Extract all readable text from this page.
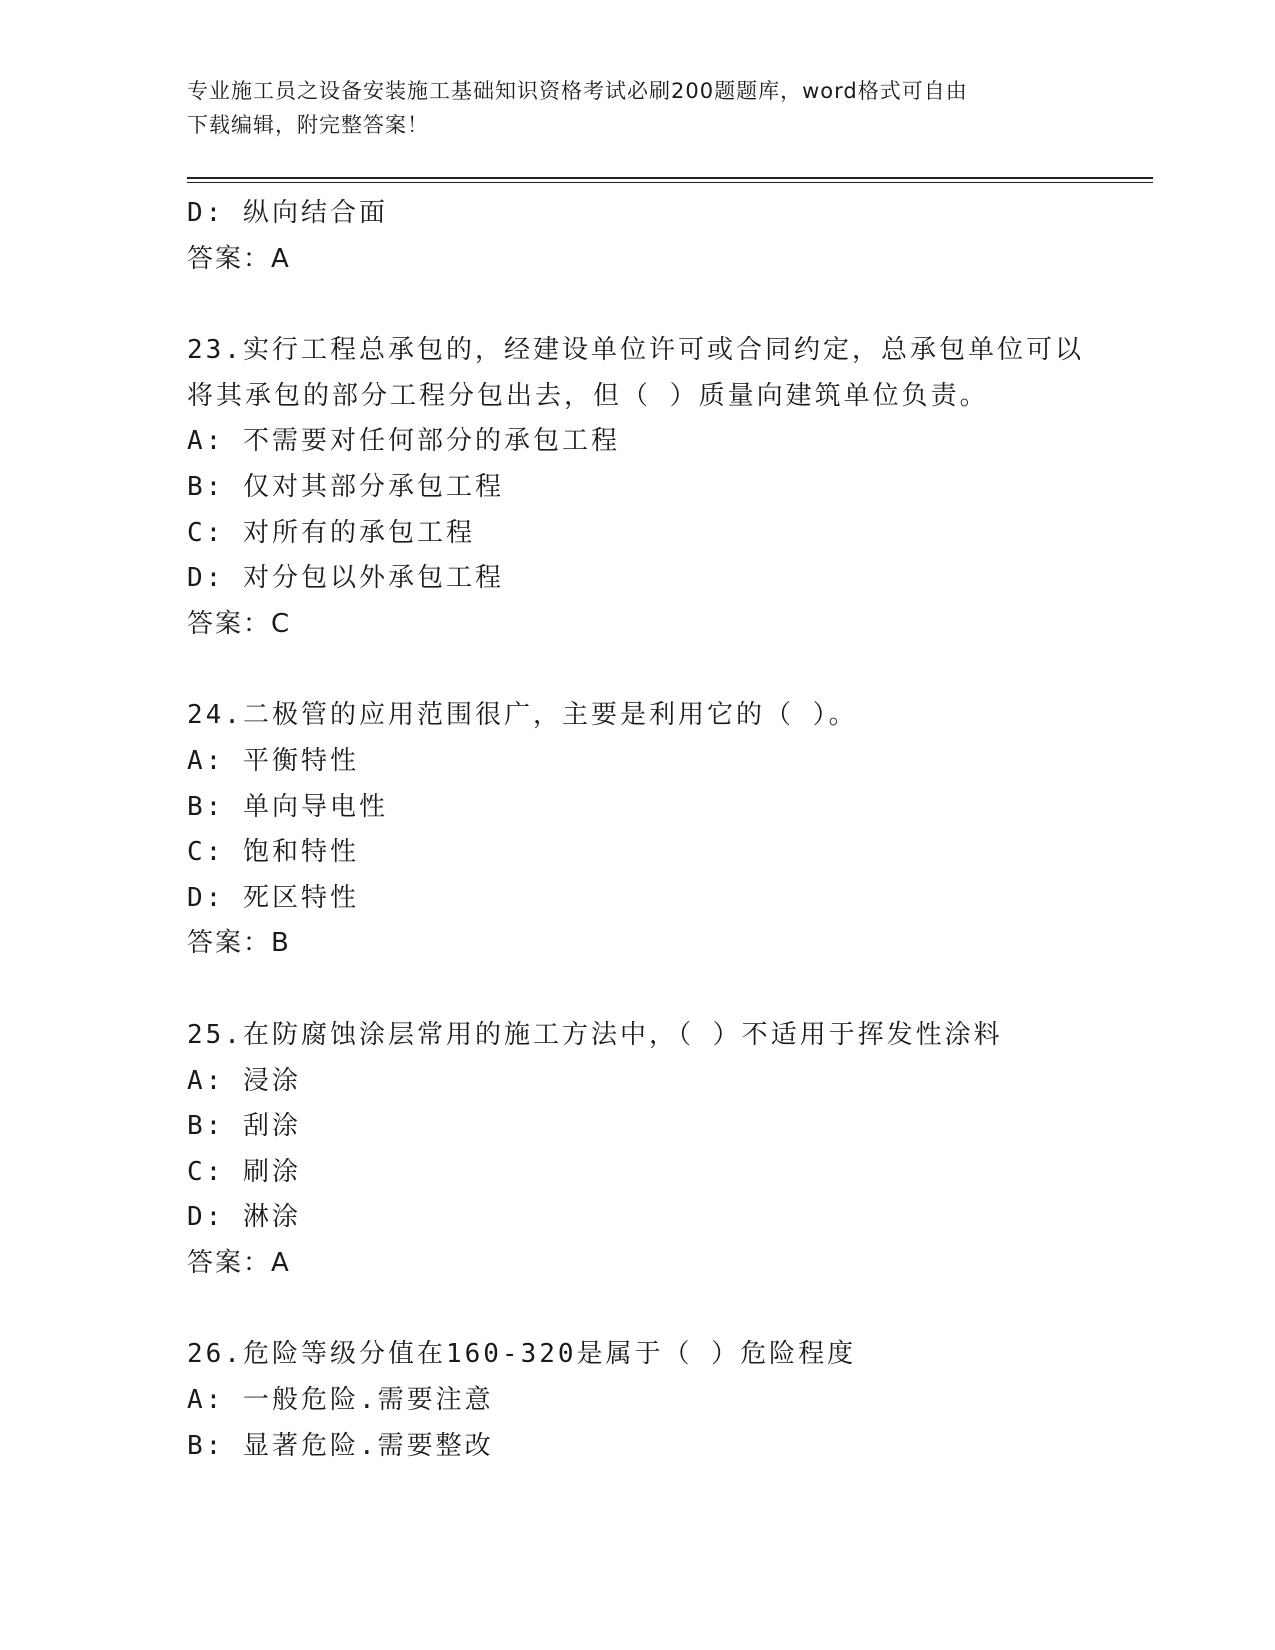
专业施工员之设备安装施工基础知识资格考试必刷200题题库，word格式可自由
下载编辑，附完整答案！
D: 纵向结合面
答案：A
23.实行工程总承包的，经建设单位许可或合同约定，总承包单位可以
将其承包的部分工程分包出去，但（ ）质量向建筑单位负责。
A: 不需要对任何部分的承包工程
B: 仅对其部分承包工程
C: 对所有的承包工程
D: 对分包以外承包工程
答案：C
24.二极管的应用范围很广，主要是利用它的（ ）。
A: 平衡特性
B: 单向导电性
C: 饱和特性
D: 死区特性
答案：B
25.在防腐蚀涂层常用的施工方法中，（ ）不适用于挥发性涂料
A: 浸涂
B: 刮涂
C: 刷涂
D: 淋涂
答案：A
26.危险等级分值在160-320是属于（ ）危险程度
A: 一般危险.需要注意
B: 显著危险.需要整改
